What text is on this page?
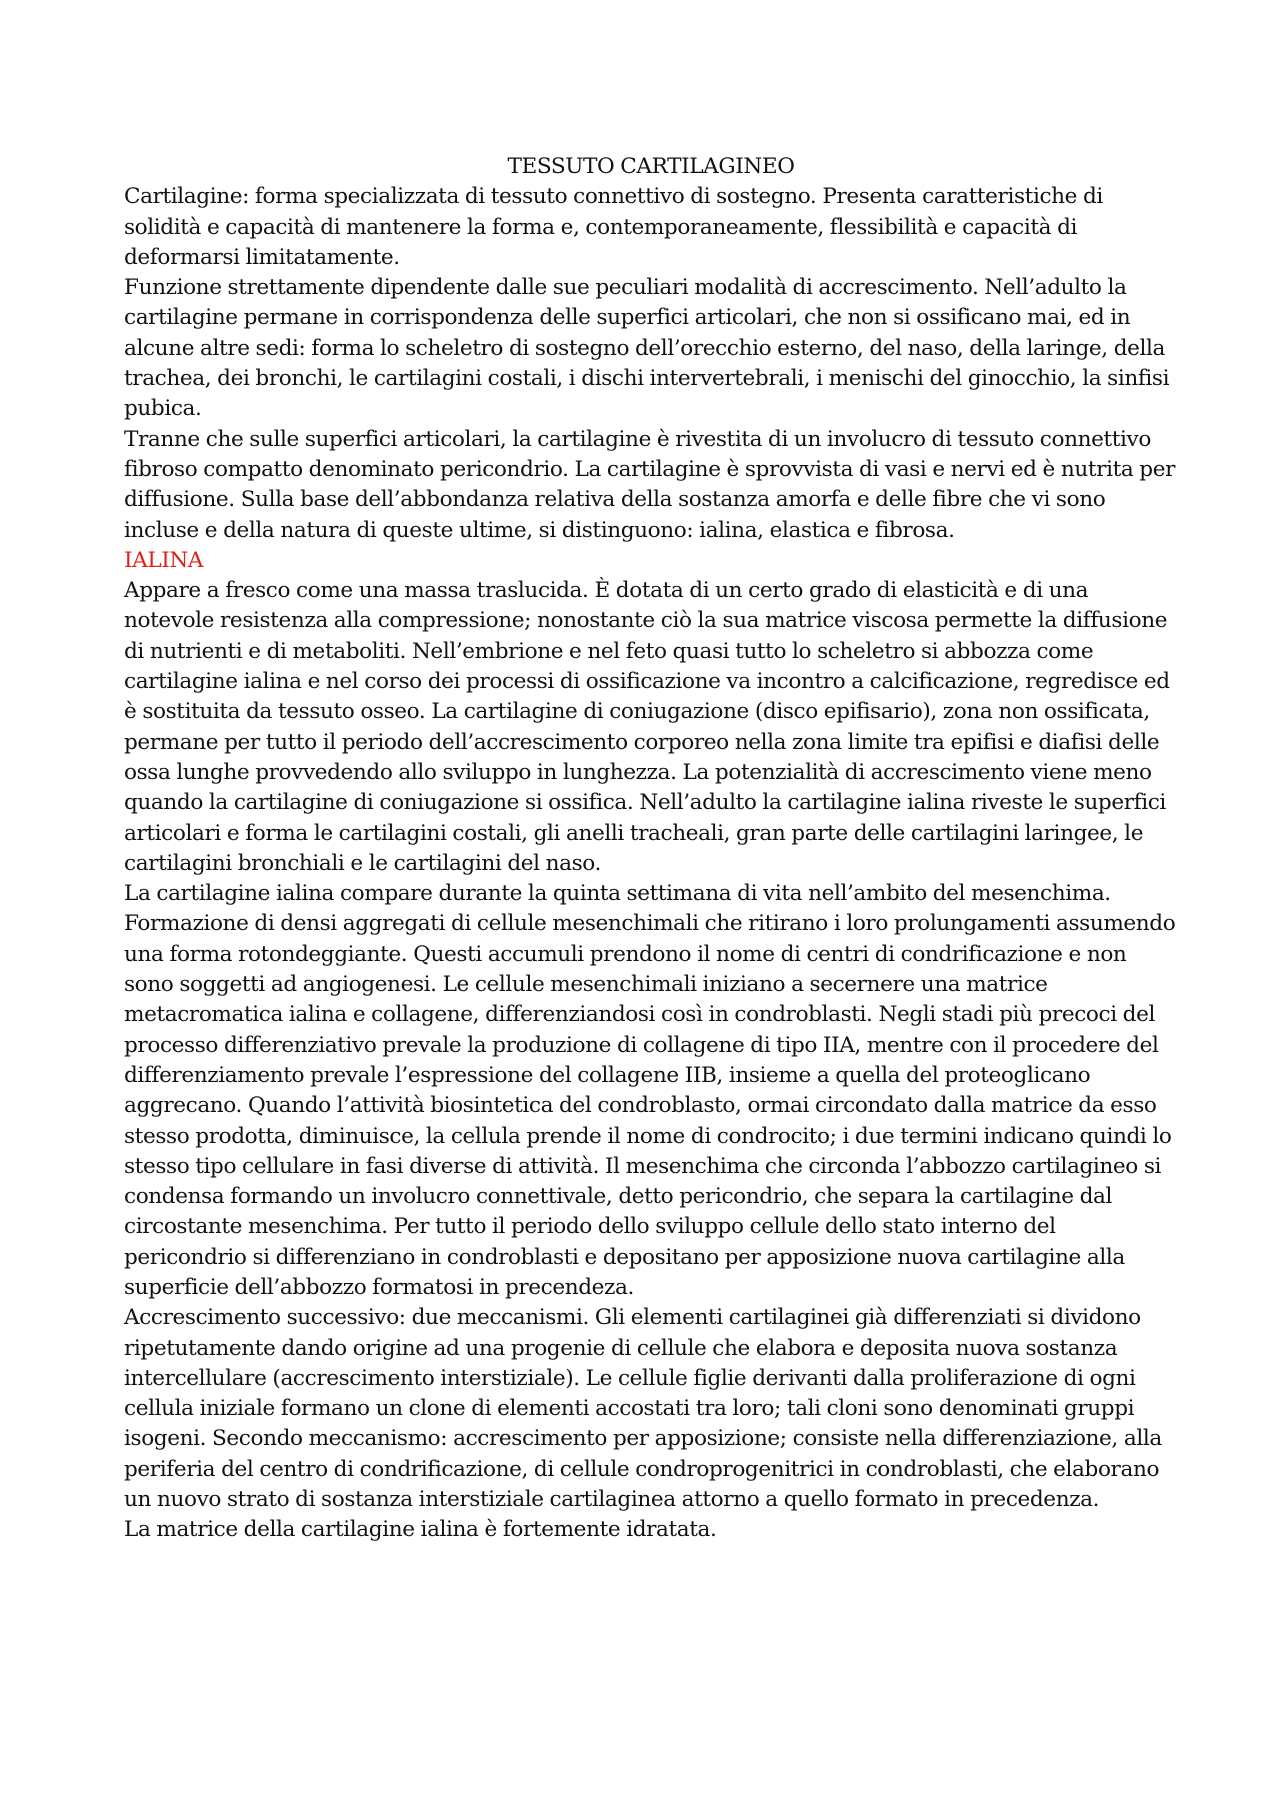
TESSUTO CARTILAGINEO

Cartilagine: forma specializzata di tessuto connettivo di sostegno. Presenta caratteristiche di solidità e capacità di mantenere la forma e, contemporaneamente, flessibilità e capacità di deformarsi limitatamente.

Funzione strettamente dipendente dalle sue peculiari modalità di accrescimento. Nell’adulto la cartilagine permane in corrispondenza delle superfici articolari, che non si ossificano mai, ed in alcune altre sedi: forma lo scheletro di sostegno dell’orecchio esterno, del naso, della laringe, della trachea, dei bronchi, le cartilagini costali, i dischi intervertebrali, i menischi del ginocchio, la sinfisi pubica.

Tranne che sulle superfici articolari, la cartilagine è rivestita di un involucro di tessuto connettivo fibroso compatto denominato pericondrio. La cartilagine è sprovvista di vasi e nervi ed è nutrita per diffusione. Sulla base dell’abbondanza relativa della sostanza amorfa e delle fibre che vi sono incluse e della natura di queste ultime, si distinguono: ialina, elastica e fibrosa.

IALINA

Appare a fresco come una massa traslucida. È dotata di un certo grado di elasticità e di una notevole resistenza alla compressione; nonostante ciò la sua matrice viscosa permette la diffusione di nutrienti e di metaboliti. Nell’embrione e nel feto quasi tutto lo scheletro si abbozza come cartilagine ialina e nel corso dei processi di ossificazione va incontro a calcificazione, regredisce ed è sostituita da tessuto osseo. La cartilagine di coniugazione (disco epifisario), zona non ossificata, permane per tutto il periodo dell’accrescimento corporeo nella zona limite tra epifisi e diafisi delle ossa lunghe provvedendo allo sviluppo in lunghezza. La potenzialità di accrescimento viene meno quando la cartilagine di coniugazione si ossifica. Nell’adulto la cartilagine ialina riveste le superfici articolari e forma le cartilagini costali, gli anelli tracheali, gran parte delle cartilagini laringee, le cartilagini bronchiali e le cartilagini del naso.

La cartilagine ialina compare durante la quinta settimana di vita nell’ambito del mesenchima. Formazione di densi aggregati di cellule mesenchimali che ritirano i loro prolungamenti assumendo una forma rotondeggiante. Questi accumuli prendono il nome di centri di condrificazione e non sono soggetti ad angiogenesi. Le cellule mesenchimali iniziano a secernere una matrice metacromatica ialina e collagene, differenziandosi così in condroblasti. Negli stadi più precoci del processo differenziativo prevale la produzione di collagene di tipo IIA, mentre con il procedere del differenziamento prevale l’espressione del collagene IIB, insieme a quella del proteoglicano aggrecano. Quando l’attività biosintetica del condroblasto, ormai circondato dalla matrice da esso stesso prodotta, diminuisce, la cellula prende il nome di condrocito; i due termini indicano quindi lo stesso tipo cellulare in fasi diverse di attività. Il mesenchima che circonda l’abbozzo cartilagineo si condensa formando un involucro connettivale, detto pericondrio, che separa la cartilagine dal circostante mesenchima. Per tutto il periodo dello sviluppo cellule dello stato interno del pericondrio si differenziano in condroblasti e depositano per apposizione nuova cartilagine alla superficie dell’abbozzo formatosi in precendeza.

Accrescimento successivo: due meccanismi. Gli elementi cartilaginei già differenziati si dividono ripetutamente dando origine ad una progenie di cellule che elabora e deposita nuova sostanza intercellulare (accrescimento interstiziale). Le cellule figlie derivanti dalla proliferazione di ogni cellula iniziale formano un clone di elementi accostati tra loro; tali cloni sono denominati gruppi isogeni. Secondo meccanismo: accrescimento per apposizione; consiste nella differenziazione, alla periferia del centro di condrificazione, di cellule condroprogenitrici in condroblasti, che elaborano un nuovo strato di sostanza interstiziale cartilaginea attorno a quello formato in precedenza.

La matrice della cartilagine ialina è fortemente idratata.
